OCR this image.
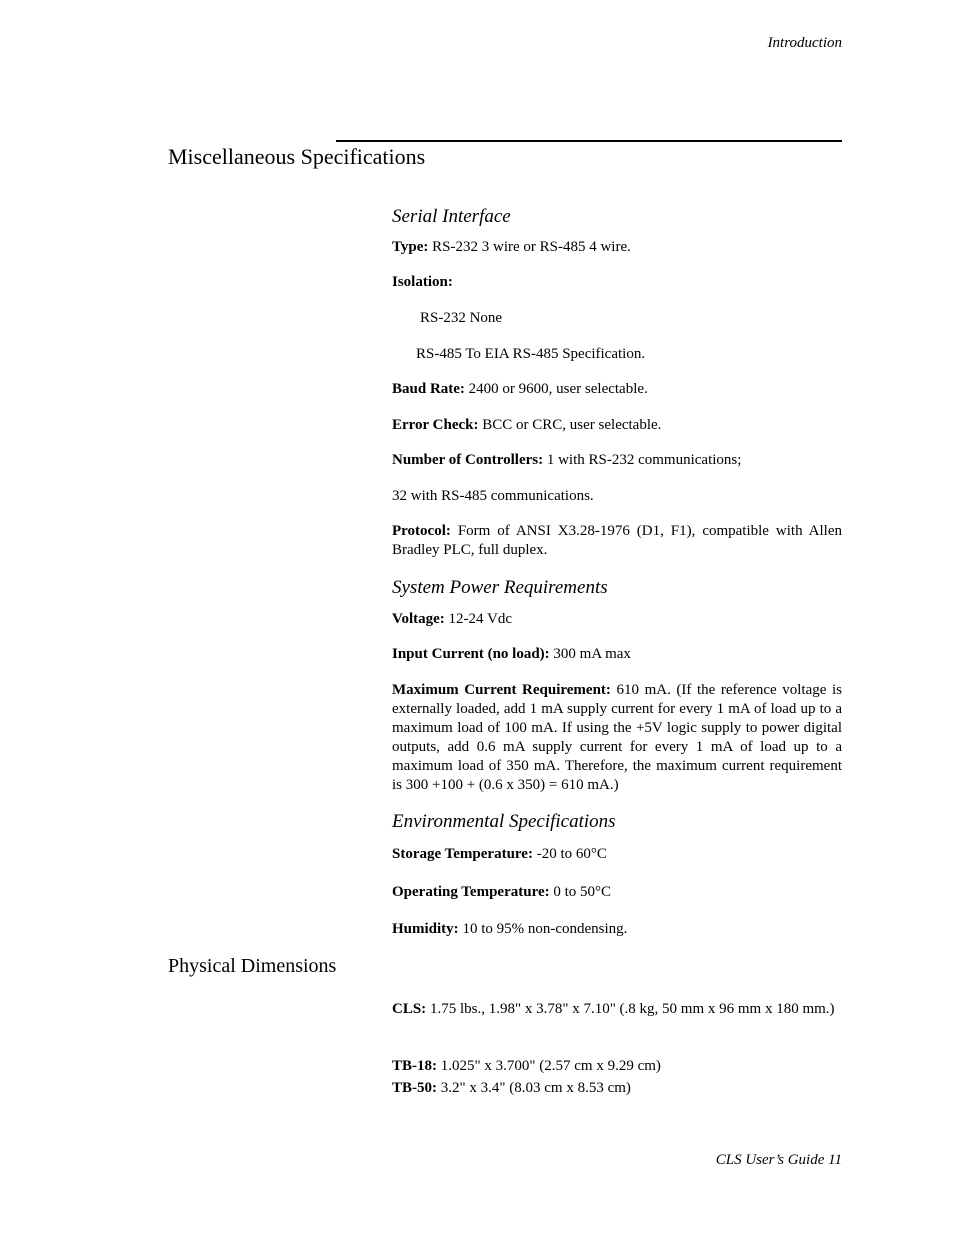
Introduction
Miscellaneous Specifications
Serial Interface
Type: RS-232 3 wire or RS-485 4 wire.
Isolation:
RS-232 None
RS-485 To EIA RS-485 Specification.
Baud Rate: 2400 or 9600, user selectable.
Error Check: BCC or CRC, user selectable.
Number of Controllers: 1 with RS-232 communications;
32 with RS-485 communications.
Protocol: Form of ANSI X3.28-1976 (D1, F1), compatible with Allen Bradley PLC, full duplex.
System Power Requirements
Voltage: 12-24 Vdc
Input Current (no load): 300 mA max
Maximum Current Requirement: 610 mA. (If the reference voltage is externally loaded, add 1 mA supply current for every 1 mA of load up to a maximum load of 100 mA. If using the +5V logic supply to power digital outputs, add 0.6 mA supply current for every 1 mA of load up to a maximum load of 350 mA. Therefore, the maximum current requirement is 300 +100 + (0.6 x 350) = 610 mA.)
Environmental Specifications
Storage Temperature: -20 to 60°C
Operating Temperature: 0 to 50°C
Humidity: 10 to 95% non-condensing.
Physical Dimensions
CLS: 1.75 lbs., 1.98" x 3.78" x 7.10" (.8 kg, 50 mm x 96 mm x 180 mm.)
TB-18: 1.025" x 3.700" (2.57 cm x 9.29 cm)
TB-50: 3.2" x 3.4" (8.03 cm x 8.53 cm)
CLS User’s Guide 11
